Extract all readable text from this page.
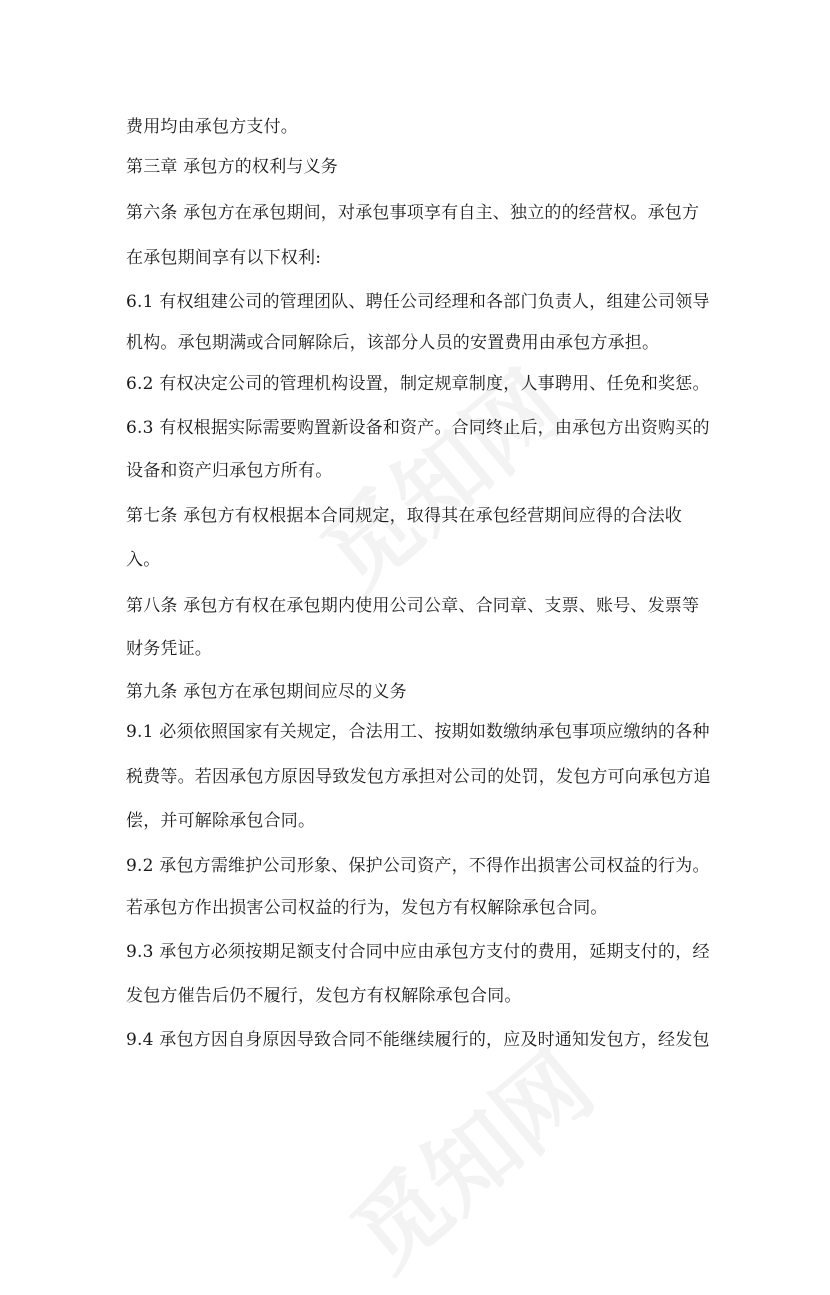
费用均由承包方支付。
第三章 承包方的权利与义务
第六条 承包方在承包期间，对承包事项享有自主、独立的的经营权。承包方
在承包期间享有以下权利:
6.1 有权组建公司的管理团队、聘任公司经理和各部门负责人，组建公司领导
机构。承包期满或合同解除后，该部分人员的安置费用由承包方承担。
6.2 有权决定公司的管理机构设置，制定规章制度，人事聘用、任免和奖惩。
6.3 有权根据实际需要购置新设备和资产。合同终止后，由承包方出资购买的
设备和资产归承包方所有。
第七条 承包方有权根据本合同规定，取得其在承包经营期间应得的合法收
入。
第八条 承包方有权在承包期内使用公司公章、合同章、支票、账号、发票等
财务凭证。
第九条 承包方在承包期间应尽的义务
9.1 必须依照国家有关规定，合法用工、按期如数缴纳承包事项应缴纳的各种
税费等。若因承包方原因导致发包方承担对公司的处罚，发包方可向承包方追
偿，并可解除承包合同。
9.2 承包方需维护公司形象、保护公司资产，不得作出损害公司权益的行为。
若承包方作出损害公司权益的行为，发包方有权解除承包合同。
9.3 承包方必须按期足额支付合同中应由承包方支付的费用，延期支付的，经
发包方催告后仍不履行，发包方有权解除承包合同。
9.4 承包方因自身原因导致合同不能继续履行的，应及时通知发包方，经发包
